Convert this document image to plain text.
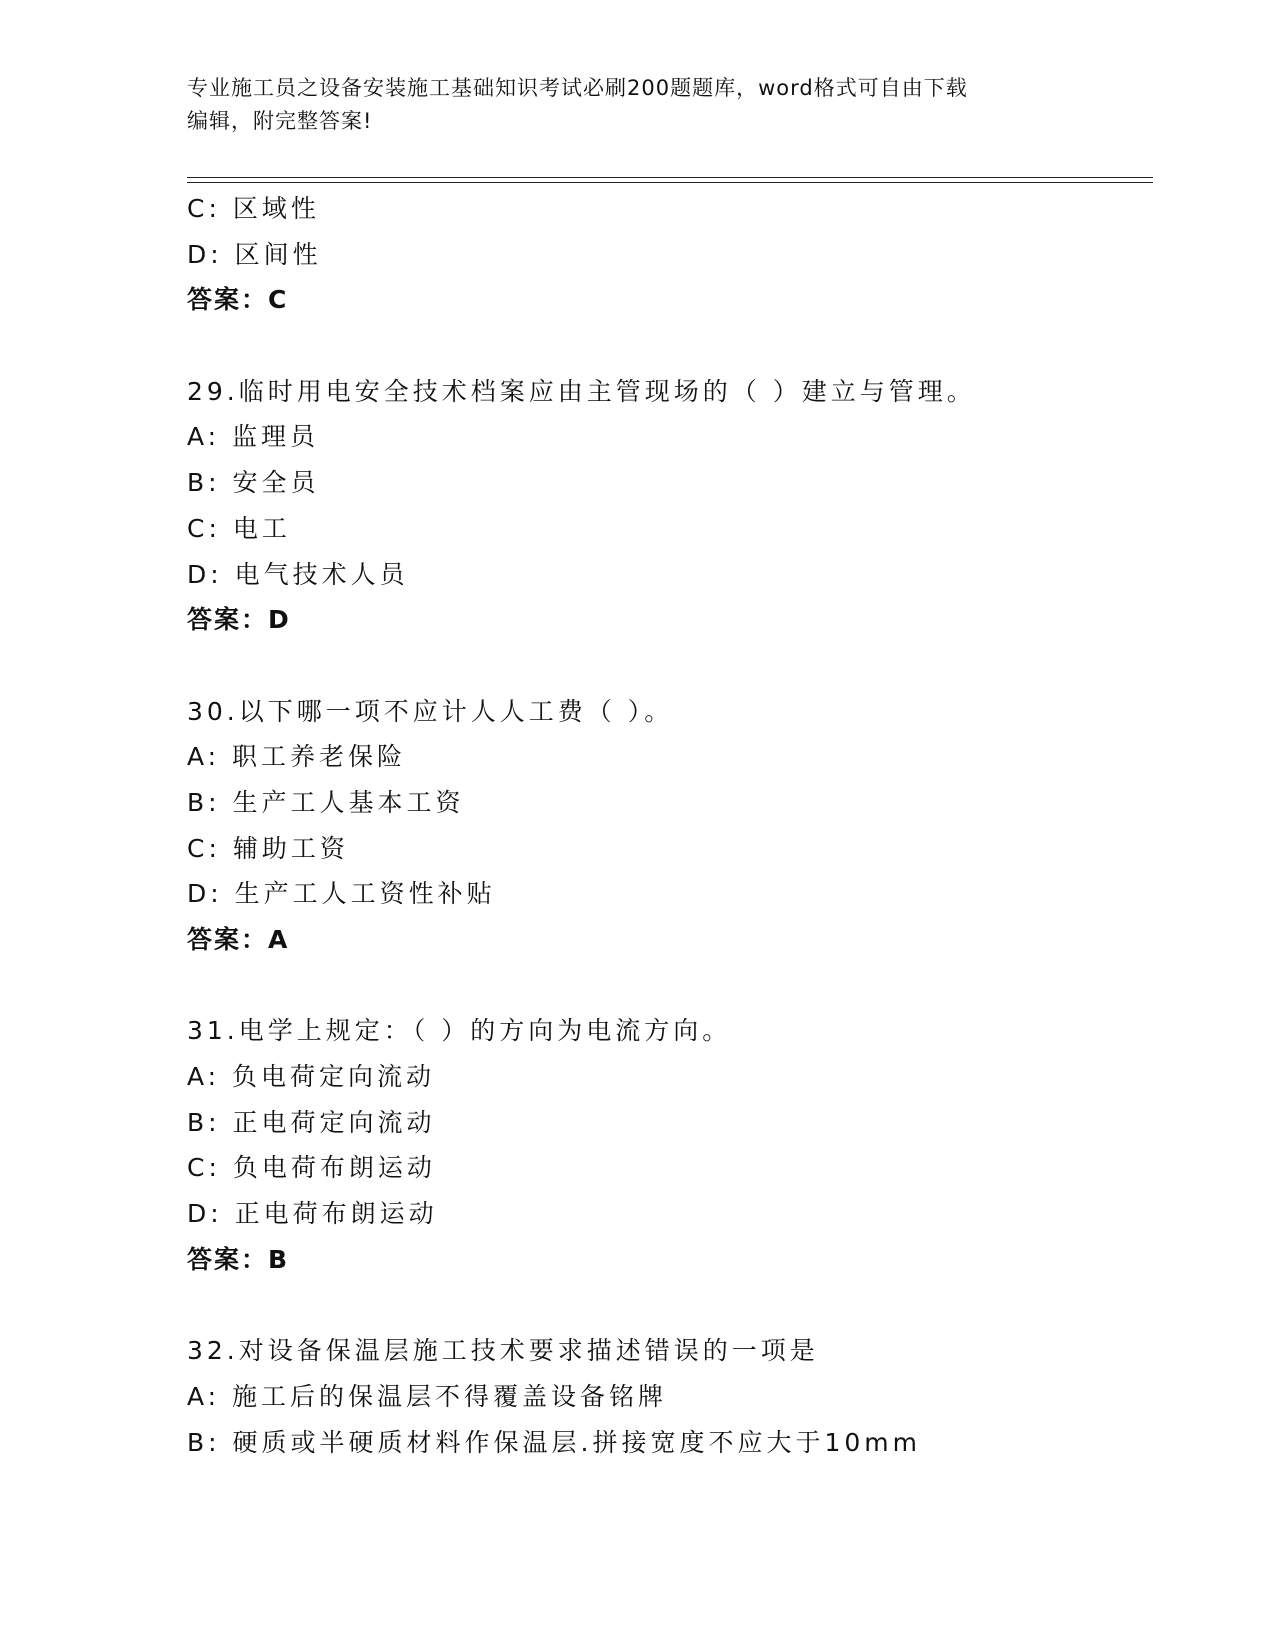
专业施工员之设备安装施工基础知识考试必刷200题题库，word格式可自由下载
编辑，附完整答案!
C: 区域性
D: 区间性
答案：C
29.临时用电安全技术档案应由主管现场的（ ）建立与管理。
A: 监理员
B: 安全员
C: 电工
D: 电气技术人员
答案：D
30.以下哪一项不应计人人工费（ ）。
A: 职工养老保险
B: 生产工人基本工资
C: 辅助工资
D: 生产工人工资性补贴
答案：A
31.电学上规定：（ ）的方向为电流方向。
A: 负电荷定向流动
B: 正电荷定向流动
C: 负电荷布朗运动
D: 正电荷布朗运动
答案：B
32.对设备保温层施工技术要求描述错误的一项是
A: 施工后的保温层不得覆盖设备铭牌
B: 硬质或半硬质材料作保温层.拼接宽度不应大于10mm
